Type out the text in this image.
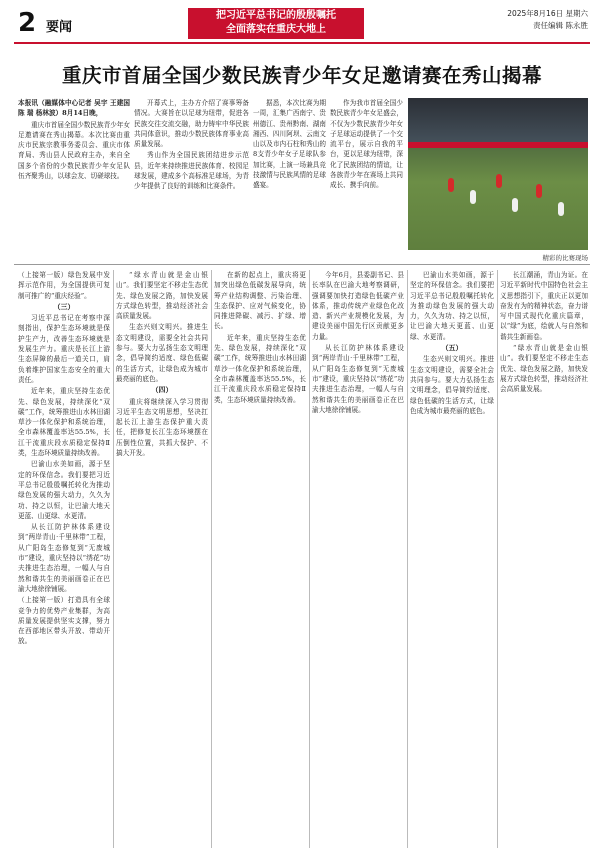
2 要闻
把习近平总书记的殷殷嘱托
全面落实在重庆大地上
2025年8月16日 星期六
责任编辑 陈永胜
重庆市首届全国少数民族青少年女足邀请赛在秀山揭幕

本报讯（融媒体中心记者 吴宇 王建国 陈 瑞 杨林波）8月14日晚，

重庆市首届全国少数民族青少年女足邀请赛在秀山揭幕。本次比赛由重庆市民族宗教事务委员会、重庆市体育局、秀山县人民政府主办，来自全国多个省份的少数民族青少年女足队伍齐聚秀山，以球会友、切磋球技。

开幕式上，主办方介绍了赛事筹备情况。大赛旨在以足球为纽带，促进各民族交往交流交融，助力铸牢中华民族共同体意识，推动少数民族体育事业高质量发展。

秀山作为全国民族团结进步示范县，近年来持续推进民族体育、校园足球发展，建成多个高标准足球场，为青少年提供了良好的训练和比赛条件。

据悉，本次比赛为期一周，汇集广西南宁、贵州德江、贵州黔南、湖南湘西、四川阿坝、云南文山以及市内石柱和秀山的8支青少年女子足球队参加比赛，上演一场兼具竞技激情与民族风情的足球盛宴。

作为我市首届全国少数民族青少年女足盛会，不仅为少数民族青少年女子足球运动提供了一个交流平台，展示自我的平台，更以足球为纽带，深化了民族团结的情谊，让各族青少年在赛场上共同成长、携手向前。

精彩的比赛现场

（上接第一版）绿色发展中发挥示范作用，为全国提供可复制可推广的“重庆经验”。

（三）

习近平总书记在考察中深刻指出，保护生态环境就是保护生产力，改善生态环境就是发展生产力。重庆是长江上游生态屏障的最后一道关口，肩负着维护国家生态安全的重大责任。

近年来，重庆坚持生态优先、绿色发展，持续深化“双碳”工作，统筹推进山水林田湖草沙一体化保护和系统治理，全市森林覆盖率达55.5%，长江干流重庆段水质稳定保持Ⅱ类，生态环境质量持续改善。

巴渝山水美如画，源于坚定的环保信念。我们要把习近平总书记殷殷嘱托转化为推动绿色发展的强大动力，久久为功、持之以恒，让巴渝大地天更蓝、山更绿、水更清。

从长江防护林体系建设到“两岸青山·千里林带”工程，从广阳岛生态修复到“无废城市”建设，重庆坚持以“绣花”功夫推进生态治理，一幅人与自然和谐共生的美丽画卷正在巴渝大地徐徐铺展。

（上接第一版）打造具有全球竞争力的优势产业集群，为高质量发展提供坚实支撑，努力在西部地区带头开放、带动开放。

“绿水青山就是金山银山”。我们要坚定不移走生态优先、绿色发展之路，加快发展方式绿色转型，推动经济社会高质量发展。

生态兴则文明兴。推进生态文明建设，需要全社会共同参与。要大力弘扬生态文明理念，倡导简约适度、绿色低碳的生活方式，让绿色成为城市最亮丽的底色。

（四）

重庆将继续深入学习贯彻习近平生态文明思想，坚决扛起长江上游生态保护重大责任，把修复长江生态环境摆在压倒性位置，共抓大保护、不搞大开发。

在新的起点上，重庆将更加突出绿色低碳发展导向，统筹产业结构调整、污染治理、生态保护、应对气候变化，协同推进降碳、减污、扩绿、增长。

近年来，重庆坚持生态优先、绿色发展，持续深化“双碳”工作，统筹推进山水林田湖草沙一体化保护和系统治理，全市森林覆盖率达55.5%，长江干流重庆段水质稳定保持Ⅱ类，生态环境质量持续改善。

今年6月，县委副书记、县长率队在巴渝大地考察调研，强调要加快打造绿色低碳产业体系，推动传统产业绿色化改造、新兴产业规模化发展，为建设美丽中国先行区贡献更多力量。

从长江防护林体系建设到“两岸青山·千里林带”工程，从广阳岛生态修复到“无废城市”建设，重庆坚持以“绣花”功夫推进生态治理，一幅人与自然和谐共生的美丽画卷正在巴渝大地徐徐铺展。

巴渝山水美如画，源于坚定的环保信念。我们要把习近平总书记殷殷嘱托转化为推动绿色发展的强大动力，久久为功、持之以恒，让巴渝大地天更蓝、山更绿、水更清。

（五）

生态兴则文明兴。推进生态文明建设，需要全社会共同参与。要大力弘扬生态文明理念，倡导简约适度、绿色低碳的生活方式，让绿色成为城市最亮丽的底色。

长江潮涌，青山为证。在习近平新时代中国特色社会主义思想指引下，重庆正以更加奋发有为的精神状态，奋力谱写中国式现代化重庆篇章，以“绿”为底，绘就人与自然和谐共生新画卷。

“绿水青山就是金山银山”。我们要坚定不移走生态优先、绿色发展之路，加快发展方式绿色转型，推动经济社会高质量发展。
